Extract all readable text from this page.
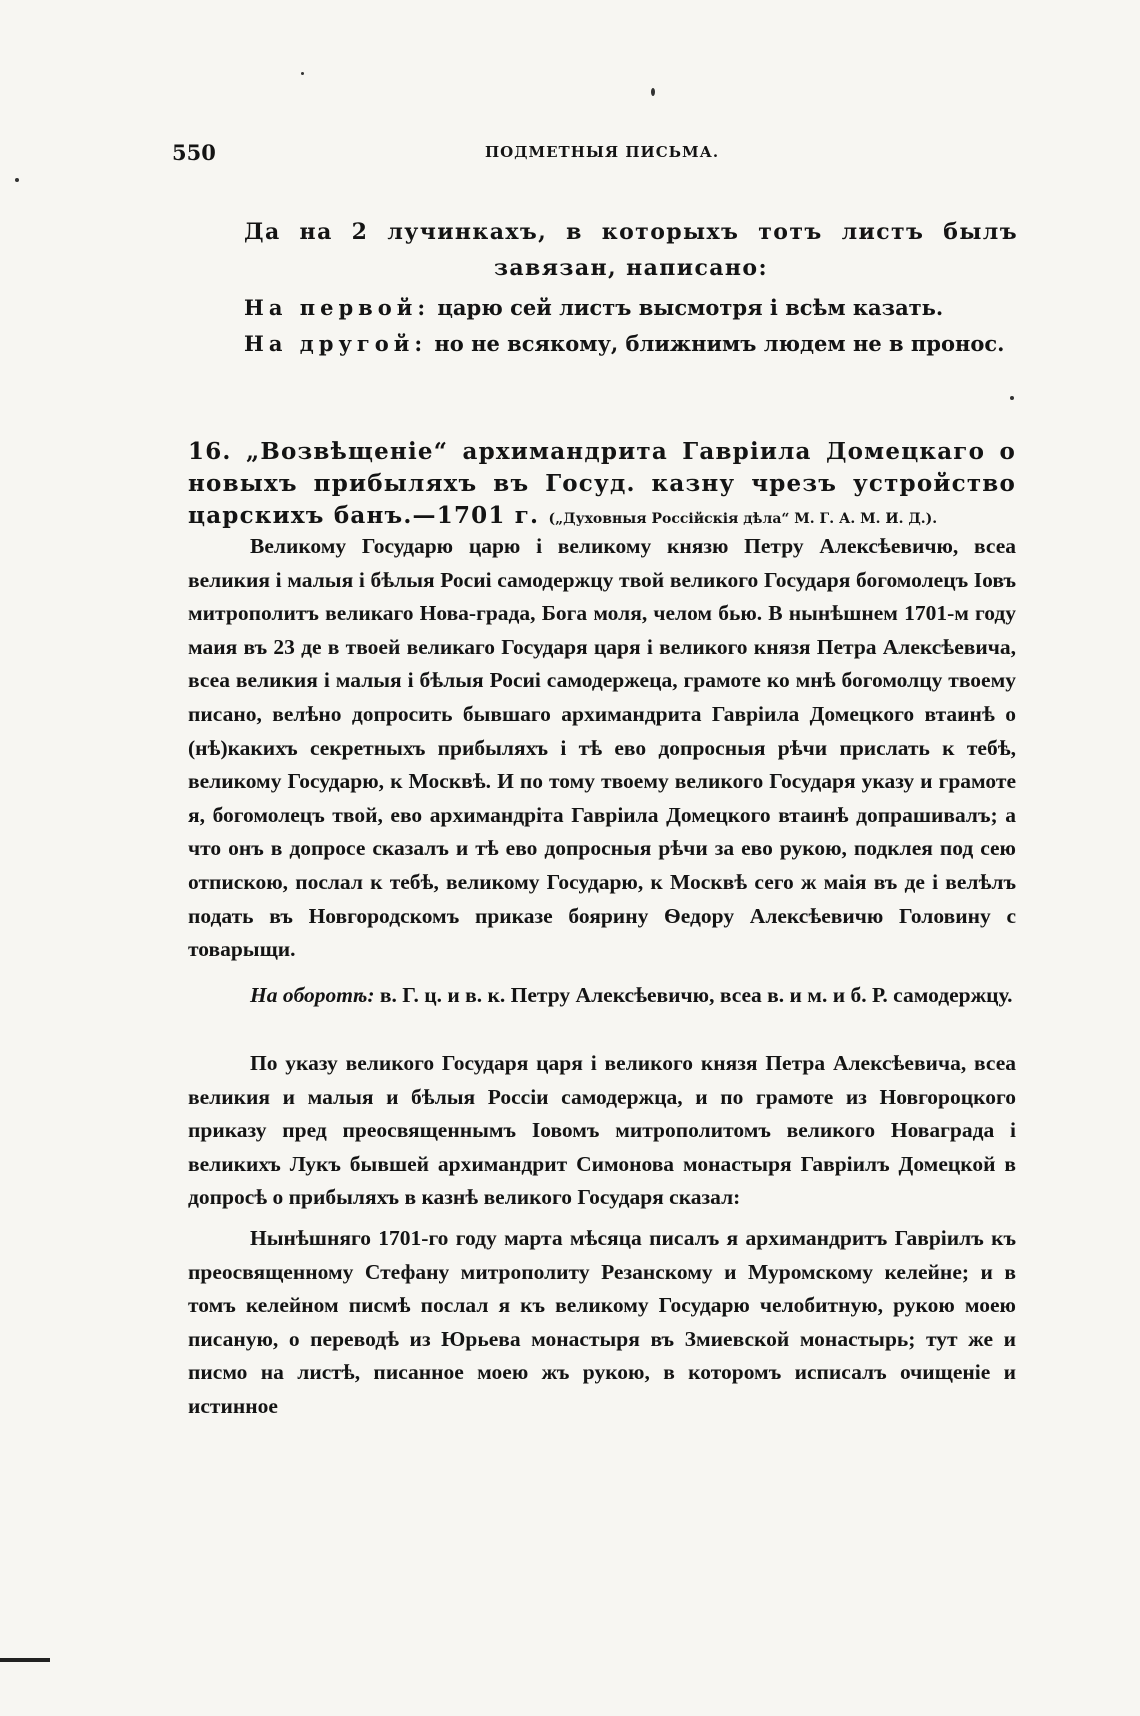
550	ПОДМЕТНЫЯ ПИСЬМА.
Да на 2 лучинкахъ, в которыхъ тотъ листъ былъ завязан, написано:
На первой: царю сей листъ высмотря і всѣм казать.
На другой: но не всякому, ближнимъ людем не в пронос.
16. „Возвѣщеніе“ архимандрита Гавріила Домецкаго о новыхъ прибыляхъ въ Госуд. казну чрезъ устройство царскихъ банъ.—1701 г. („Духовныя Россійскія дѣла“ М. Г. А. М. И. Д.).

Великому Государю царю і великому князю Петру Алексѣевичю, всеа великия і малыя і бѣлыя Росиі самодержцу твой великого Государя богомолецъ Іовъ митрополитъ великаго Нова-града, Бога моля, челом бью. В нынѣшнем 1701-м году маия въ 23 де в твоей великаго Государя царя і великого князя Петра Алексѣевича, всеа великия і малыя і бѣлыя Росиі самодержеца, грамоте ко мнѣ богомолцу твоему писано, велѣно допросить бывшаго архимандрита Гавріила Домецкого втаинѣ о (нѣ)какихъ секретныхъ прибыляхъ і тѣ ево допросныя рѣчи прислать к тебѣ, великому Государю, к Москвѣ. И по тому твоему великого Государя указу и грамоте я, богомолецъ твой, ево архимандріта Гавріила Домецкого втаинѣ допрашивалъ; а что онъ в допросе сказалъ и тѣ ево допросныя рѣчи за ево рукою, подклея под сею отпискою, послал к тебѣ, великому Государю, к Москвѣ сего ж маія въ де і велѣлъ подать въ Новгородскомъ приказе боярину Ѳедору Алексѣевичю Головину с товарыщи.

На оборотѣ: в. Г. ц. и в. к. Петру Алексѣевичю, всеа в. и м. и б. Р. самодержцу.

По указу великого Государя царя і великого князя Петра Алексѣевича, всеа великия и малыя и бѣлыя Россіи самодержца, и по грамоте из Новгороцкого приказу пред преосвященнымъ Іовомъ митрополитомъ великого Новаграда і великихъ Лукъ бывшей архимандрит Симонова монастыря Гавріилъ Домецкой в допросѣ о прибыляхъ в казнѣ великого Государя сказал:

Нынѣшняго 1701-го году марта мѣсяца писалъ я архимандритъ Гавріилъ къ преосвященному Стефану митрополиту Резанскому и Муромскому келейне; и в томъ келейном писмѣ послал я къ великому Государю челобитную, рукою моею писаную, о переводѣ из Юрьева монастыря въ Змиевской монастырь; тут же и писмо на листѣ, писанное моею жъ рукою, в которомъ исписалъ очищеніе и истинное
